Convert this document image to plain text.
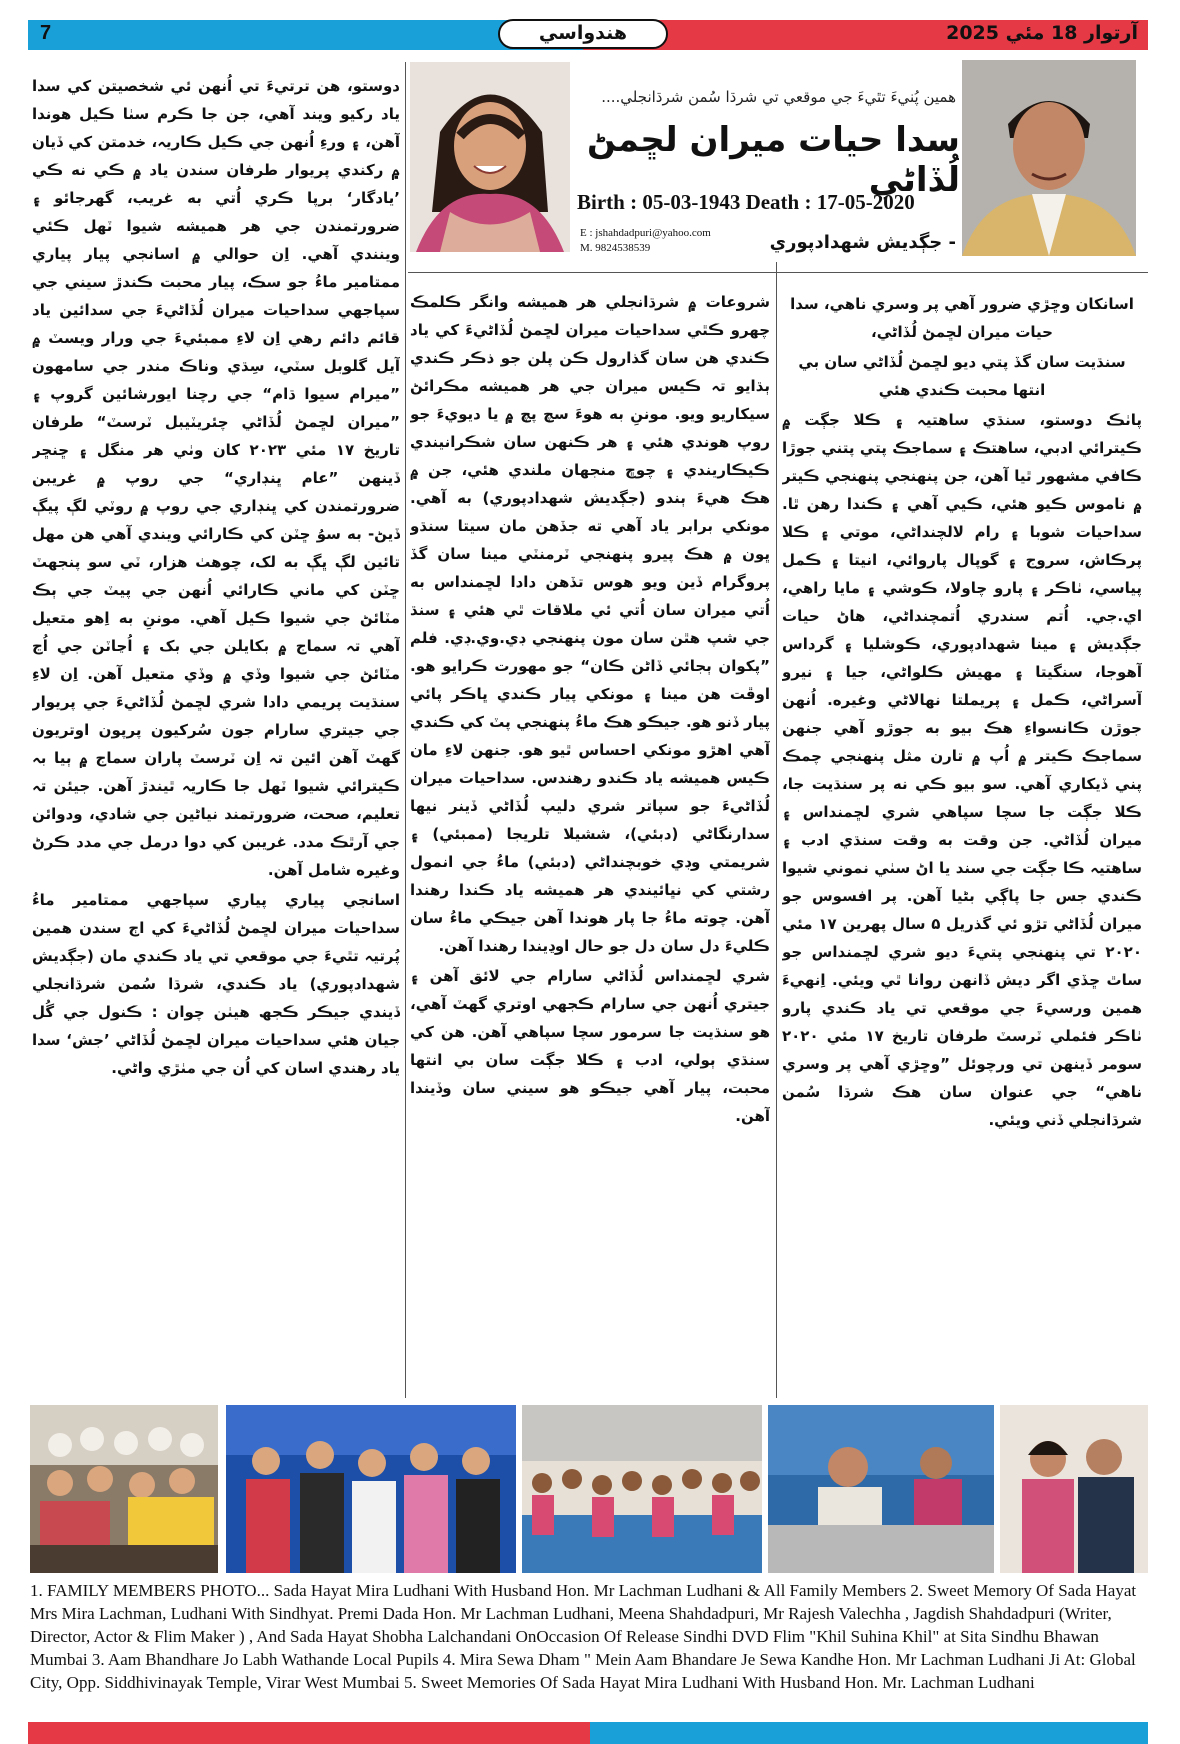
7	هندواسي	آرتوار 18 مئي 2025
ھمين پُنيءَ تٿيءَ جي موقعي تي شرڌا سُمن شرڌانجلي....
سدا حيات ميران لڇمڻ لُڏاڻي
Birth : 05-03-1943 Death : 17-05-2020
E : jshahdadpuri@yahoo.com
M. 9824538539	- جڳديش شھدادپوري

اسانکان وڇڙي ضرور آھي پر وسري ناھي، سدا حيات ميران لڇمڻ لُڏاڻي،

سنڌيت سان گڏ پتي ديو لڇمڻ لُڏاڻي سان بي انتھا محبت ڪندي ھئي

پاٺڪ دوستو، سنڌي ساھتيہ ۽ ڪلا جڳت ۾ ڪيترائي ادبي، ساھتڪ ۽ سماجڪ پتي پتني جوڙا ڪافي مشھور ٿيا آھن، جن پنھنجي پنھنجي ڪيتر ۾ ناموس ڪيو ھئي، ڪيي آھي ۽ ڪندا رھن ٿا. سداحيات شوبا ۽ رام لالچنداڻي، موتي ۽ ڪلا پرڪاش، سروج ۽ گوپال پاروائي، انيتا ۽ ڪمل پياسي، ٺاڪر ۽ پارو چاولا، ڪوشي ۽ مايا راھي، اي.جي. اُتم سندري اُتمچنداڻي، ھاڻ حيات جڳديش ۽ مينا شھدادپوري، ڪوشليا ۽ گرداس آھوجا، سنگيتا ۽ مھيش ڪلواڻي، جيا ۽ نيرو آسراڻي، ڪمل ۽ پريملتا نھالاڻي وغيره. اُنھن جوڙن ڪانسواءِ ھڪ بيو به جوڙو آھي جنھن سماجڪ ڪيتر ۾ اُپ ۾ تارن مثل پنھنجي چمڪ پني ڏيکاري آھي. سو بيو ڪي نه پر سنڌيت جا، ڪلا جڳت جا سچا سپاھي شري لڇمنداس ۽ ميران لُڏاڻي. جن وقت به وقت سنڌي ادب ۽ ساھتيہ ڪا جڳت جي سند يا اڻ سٺي نموني شيوا ڪندي جس جا پاڳي بڻيا آھن. پر افسوس جو ميران لُڏاڻي تڙو ئي گذريل ۵ سال پھرين ۱۷ مئي ۲۰۲۰ تي پنھنجي پتيءَ ديو شري لڇمنداس جو ساٿ ڇڏي اگر ديش ڏانھن روانا ٿي ويئي. اِنھيءَ ھمين ورسيءَ جي موقعي تي ياد ڪندي پارو ٺاڪر فئملي ٽرسٽ طرفان تاريخ ۱۷ مئي ۲۰۲۰ سومر ڏينھن تي ورچوئل ”وڇڙي آھي پر وسري ناھي“ جي عنوان سان ھڪ شرڌا سُمن شرڌانجلي ڏني ويئي.

شروعات ۾ شرڌانجلي ھر ھميشه وانگر ڪلمڪ چھرو ڪٿي سداحيات ميران لڇمڻ لُڏاڻيءَ کي ياد ڪندي ھن سان گذارول ڪن پلن جو ذڪر ڪندي ٻڌايو تہ ڪيس ميران جي ھر ھميشه مڪرائڻ سيکاريو ويو. موننِ به ھوءَ سچ پچ ۾ يا ديويءَ جو روپ ھوندي ھئي ۽ ھر ڪنھن سان شڪرانيندي ڪيڪاريندي ۽ چوڇ منجھان ملندي ھئي، جن ۾ ھڪ ھيءَ ٻندو (جڳديش شھدادپوري) به آھي. مونکي برابر ياد آھي ته جڏھن مان سيتا سنڌو ڀون ۾ ھڪ پيرو پنھنجي ٽرمنٽي مينا سان گڏ پروگرام ڏين ويو ھوس تڏھن دادا لڇمنداس به اُتي ميران سان اُتي ئي ملاقات ٿي ھئي ۽ سنڌ جي شپ ھٿن سان مون پنھنجي ڊي.وي.ڊي. فلم ”پکوان ٻجائي ڏاڻن ڪان“ جو مھورت ڪرايو ھو. اوڦت ھن مينا ۽ مونکي پيار ڪندي ڀاڪر پائي پيار ڏنو ھو. جيڪو ھڪ ماءُ پنھنجي پٽ کي ڪندي آھي اھڙو مونکي احساس ٿيو ھو. جنھن لاءِ مان ڪيس ھميشه ياد ڪندو رھندس. سداحيات ميران لُڏاڻيءَ جو سپاتر شري دليپ لُڏاڻي ڏينر نيھا سدارنگاڻي (دبئي)، ششيلا تلريجا (ممبئي) ۽ شريمتي وڊي خوبچنداڻي (دبئي) ماءُ جي انمول رشتي کي نڀائيندي ھر ھميشه ياد ڪندا رھندا آھن. چوته ماءُ جا پار ھوندا آھن جيڪي ماءُ سان ڪليءَ دل سان دل جو حال اوڍيندا رھندا آھن.

شري لڇمنداس لُڏاڻي سارام جي لائق آھن ۽ جيتري اُنھن جي سارام ڪجھي اوتري گھٽ آھي، ھو سنڌيت جا سرمور سچا سپاھي آھن. ھن کي سنڌي ٻولي، ادب ۽ ڪلا جڳت سان بي انتھا محبت، پيار آھي جيڪو ھو سيني سان وڏيندا آھن.

دوستو، ھن ترتيءَ تي اُنھن ئي شخصيتن کي سدا ياد رکيو ويند آھي، جن جا ڪرم سٺا ڪيل ھوندا آھن، ۽ ورءِ اُنھن جي ڪيل ڪاريہ، خدمتن کي ڏيان ۾ رکندي پريوار طرفان سندن ياد ۾ ڪي نه ڪي ’يادگار‘ برپا ڪري اُتي به غريب، گھرجائو ۽ ضرورتمندن جي ھر ھميشه شيوا ٽھل ڪئي وينندي آھي. اِن حوالي ۾ اسانجي پيار پياري ممتامير ماءُ جو سڪ، پيار محبت ڪندڙ سيني جي سپاجھي سداحيات ميران لُڏاڻيءَ جي سدائين ياد قائم دائم رھي اِن لاءِ ممبئيءَ جي ورار ويسٽ ۾ آيل گلوبل سٽي، سِڌي وناڪ مندر جي سامھون ”ميرام سيوا ڌام“ جي رچنا ايورشائين گروپ ۽ ”ميران لڇمڻ لُڏاڻي چئريٽيبل ٽرسٽ“ طرفان تاريخ ۱۷ مئي ۲۰۲۳ کان وٺي ھر منگل ۽ ڇنڇر ڏينھن ”عام ڀنڊاري“ جي روپ ۾ غريبن ضرورتمندن کي ڀنڊاري جي روپ ۾ روٽي لڳ پيڳ ڏيڻ- به سوُ ڇٽن کي ڪارائي ويندي آھي ھن مھل تائين لڳ ڀڳ به لک، چوھٺ ھزار، ٽي سو پنجھٽ ڇٽن کي ماني ڪارائي اُنھن جي پيٽ جي ٻڪ مٽائڻ جي شيوا ڪيل آھي. موننِ به اِھو متعيل آھي تہ سماج ۾ بکايلن جي بک ۽ اُڃاٽن جي اُڃ مٽائڻ جي شيوا وڏي ۾ وڏي متعيل آھن. اِن لاءِ سنڌيت پريمي دادا شري لڇمڻ لُڏاڻيءَ جي پريوار جي جيتري سارام جون سُرکيون پرپون اوتريون گھٽ آھن ائين تہ اِن ٽرسٽ پاران سماج ۾ ٻيا بہ ڪيترائي شيوا ٽھل جا ڪاريہ ٿيندڙ آھن. جيئن تہ تعليم، صحت، ضرورتمند نياڻين جي شادي، ودوائن جي آرٿڪ مدد. غريبن کي دوا درمل جي مدد ڪرڻ وغيره شامل آھن.

اسانجي پياري پياري سپاجھي ممتامير ماءُ سداحيات ميران لڇمڻ لُڏاڻيءَ کي اڄ سندن ھمين پُرتيہ تٿيءَ جي موقعي تي ياد ڪندي مان (جڳديش شھدادپوري) ياد ڪندي، شرڌا سُمن شرڌانجلي ڏيندي جيڪر ڪجھ ھيٺن چوان : ڪنول جي گُل جيان ھئي سداحيات ميران لڇمڻ لُڏاڻي ’جش‘ سدا ياد رھندي اسان کي اُن جي مٺڙي واڻي.

1. FAMILY MEMBERS PHOTO... Sada Hayat Mira Ludhani With Husband Hon. Mr Lachman Ludhani & All Family Members 2. Sweet Memory Of Sada Hayat Mrs Mira Lachman, Ludhani With Sindhyat. Premi Dada Hon. Mr Lachman Ludhani, Meena Shahdadpuri, Mr Rajesh Valechha , Jagdish Shahdadpuri (Writer, Director, Actor & Flim Maker ) , And Sada Hayat Shobha Lalchandani OnOccasion Of Release Sindhi DVD Flim "Khil Suhina Khil" at Sita Sindhu Bhawan Mumbai 3. Aam Bhandhare Jo Labh Wathande Local Pupils 4. Mira Sewa Dham " Mein Aam Bhandare Je Sewa Kandhe Hon. Mr Lachman Ludhani Ji At: Global City, Opp. Siddhivinayak Temple, Virar West Mumbai 5. Sweet Memories Of Sada Hayat Mira Ludhani With Husband Hon. Mr. Lachman Ludhani
